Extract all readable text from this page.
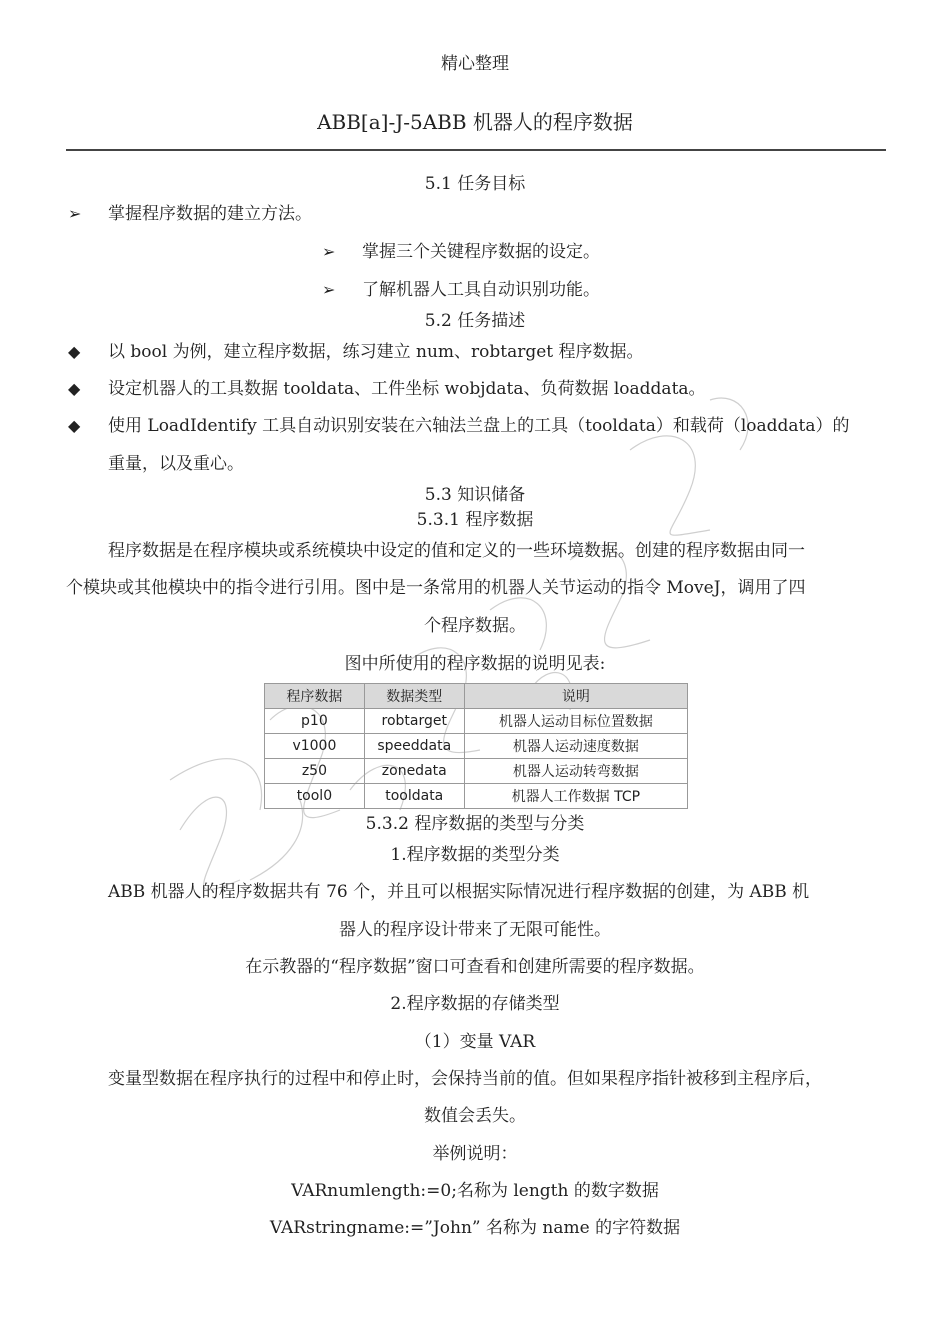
精心整理
ABB[a]-J-5ABB 机器人的程序数据
5.1 任务目标
➢ 掌握程序数据的建立方法。
➢ 掌握三个关键程序数据的设定。
➢ 了解机器人工具自动识别功能。
5.2 任务描述
◆ 以 bool 为例，建立程序数据，练习建立 num、robtarget 程序数据。
◆ 设定机器人的工具数据 tooldata、工件坐标 wobjdata、负荷数据 loaddata。
◆ 使用 LoadIdentify 工具自动识别安装在六轴法兰盘上的工具（tooldata）和载荷（loaddata）的
重量，以及重心。
5.3 知识储备
5.3.1 程序数据
程序数据是在程序模块或系统模块中设定的值和定义的一些环境数据。创建的程序数据由同一
个模块或其他模块中的指令进行引用。图中是一条常用的机器人关节运动的指令 MoveJ，调用了四
个程序数据。
图中所使用的程序数据的说明见表:
程序数据	数据类型	说明
p10	robtarget	机器人运动目标位置数据
v1000	speeddata	机器人运动速度数据
z50	zonedata	机器人运动转弯数据
tool0	tooldata	机器人工作数据 TCP
5.3.2 程序数据的类型与分类
1.程序数据的类型分类
ABB 机器人的程序数据共有 76 个，并且可以根据实际情况进行程序数据的创建，为 ABB 机
器人的程序设计带来了无限可能性。
在示教器的“程序数据”窗口可查看和创建所需要的程序数据。
2.程序数据的存储类型
（1）变量 VAR
变量型数据在程序执行的过程中和停止时，会保持当前的值。但如果程序指针被移到主程序后，
数值会丢失。
举例说明：
VARnumlength:=0;名称为 length 的数字数据
VARstringname:=”John” 名称为 name 的字符数据
